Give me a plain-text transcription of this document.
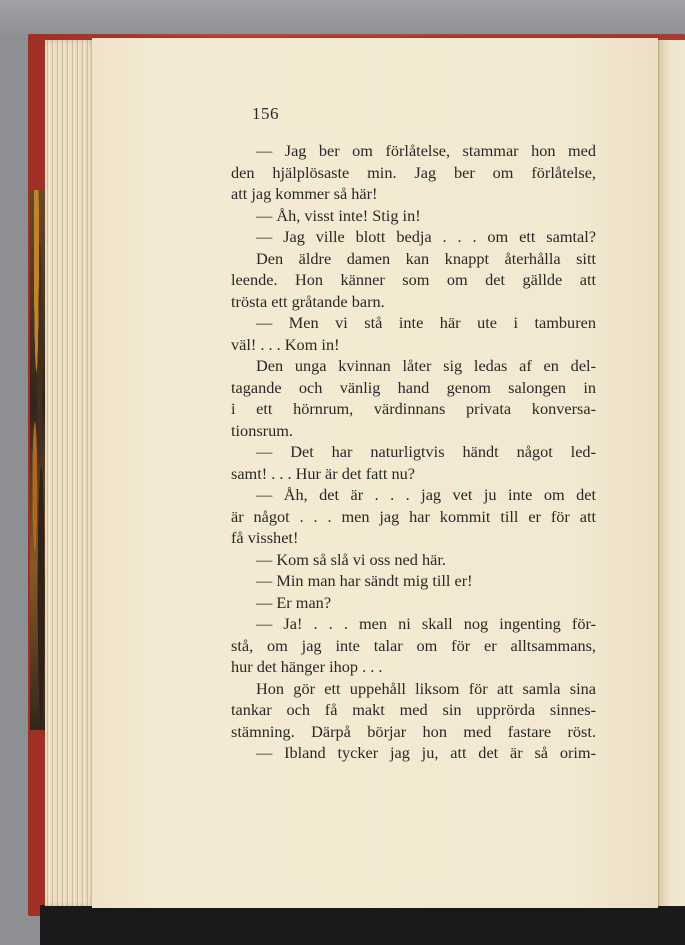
156
— Jag ber om förlåtelse, stammar hon med
den hjälplösaste min. Jag ber om förlåtelse,
att jag kommer så här!
— Åh, visst inte! Stig in!
— Jag ville blott bedja . . . om ett samtal?
Den äldre damen kan knappt återhålla sitt
leende. Hon känner som om det gällde att
trösta ett gråtande barn.
— Men vi stå inte här ute i tamburen
väl! . . . Kom in!
Den unga kvinnan låter sig ledas af en del-
tagande och vänlig hand genom salongen in
i ett hörnrum, värdinnans privata konversa-
tionsrum.
— Det har naturligtvis händt något led-
samt! . . . Hur är det fatt nu?
— Åh, det är . . . jag vet ju inte om det
är något . . . men jag har kommit till er för att
få visshet!
— Kom så slå vi oss ned här.
— Min man har sändt mig till er!
— Er man?
— Ja! . . . men ni skall nog ingenting för-
stå, om jag inte talar om för er alltsammans,
hur det hänger ihop . . .
Hon gör ett uppehåll liksom för att samla sina
tankar och få makt med sin upprörda sinnes-
stämning. Därpå börjar hon med fastare röst.
— Ibland tycker jag ju, att det är så orim-
